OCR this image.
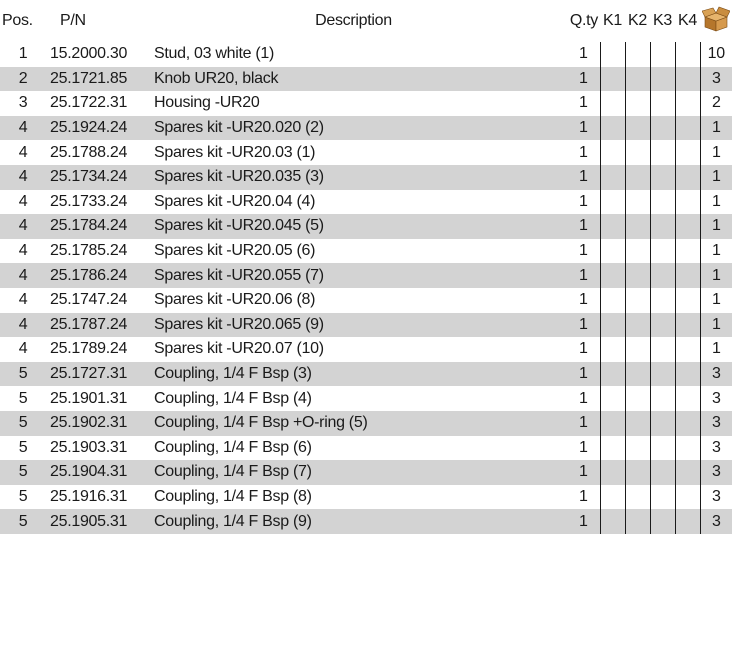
Pos.	P/N	Description	Q.ty	K1	K2	K3	K4	
1	15.2000.30	Stud, 03 white (1)	1					10
2	25.1721.85	Knob UR20, black	1					3
3	25.1722.31	Housing -UR20	1					2
4	25.1924.24	Spares kit -UR20.020 (2)	1					1
4	25.1788.24	Spares kit -UR20.03 (1)	1					1
4	25.1734.24	Spares kit -UR20.035 (3)	1					1
4	25.1733.24	Spares kit -UR20.04 (4)	1					1
4	25.1784.24	Spares kit -UR20.045 (5)	1					1
4	25.1785.24	Spares kit -UR20.05 (6)	1					1
4	25.1786.24	Spares kit -UR20.055 (7)	1					1
4	25.1747.24	Spares kit -UR20.06 (8)	1					1
4	25.1787.24	Spares kit -UR20.065 (9)	1					1
4	25.1789.24	Spares kit -UR20.07 (10)	1					1
5	25.1727.31	Coupling, 1/4 F Bsp (3)	1					3
5	25.1901.31	Coupling, 1/4 F Bsp (4)	1					3
5	25.1902.31	Coupling, 1/4 F Bsp +O-ring (5)	1					3
5	25.1903.31	Coupling, 1/4 F Bsp (6)	1					3
5	25.1904.31	Coupling, 1/4 F Bsp (7)	1					3
5	25.1916.31	Coupling, 1/4 F Bsp (8)	1					3
5	25.1905.31	Coupling, 1/4 F Bsp (9)	1					3
